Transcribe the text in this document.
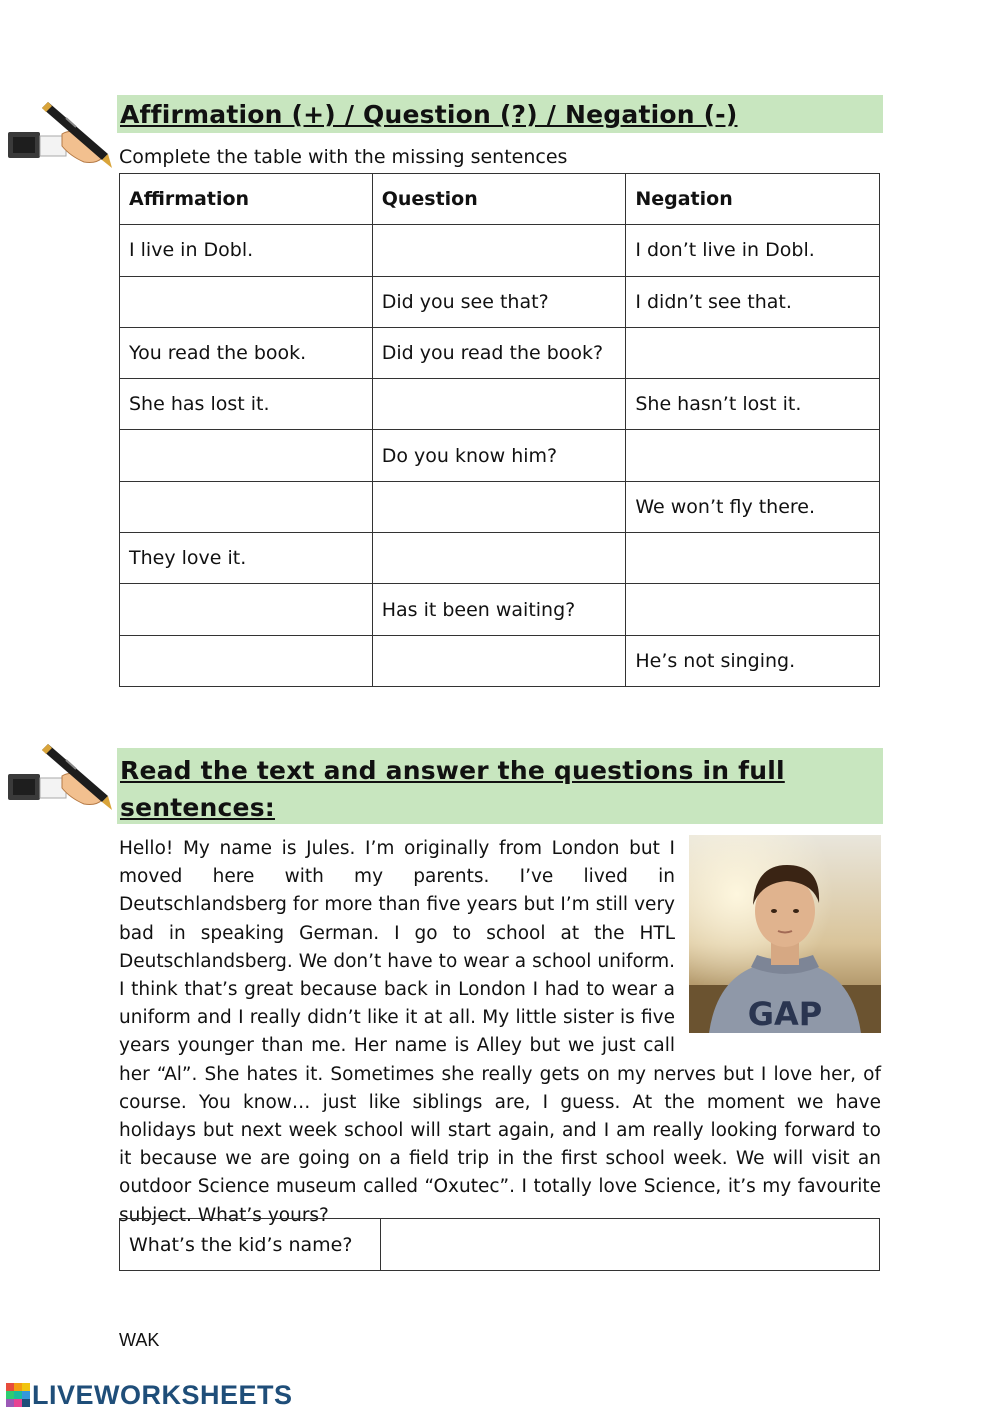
Affirmation (+) / Question (?) / Negation (-)
Complete the table with the missing sentences
Affirmation	Question	Negation
I live in Dobl.		I don’t live in Dobl.
	Did you see that?	I didn’t see that.
You read the book.	Did you read the book?	
She has lost it.		She hasn’t lost it.
	Do you know him?	
		We won’t fly there.
They love it.		
	Has it been waiting?	
		He’s not singing.
Read the text and answer the questions in full
sentences:
GAP
Hello! My name is Jules. I’m originally from London but I moved here with my parents. I’ve lived in Deutschlandsberg for more than five years but I’m still very bad in speaking German. I go to school at the HTL Deutschlandsberg. We don’t have to wear a school uniform. I think that’s great because back in London I had to wear a uniform and I really didn’t like it at all. My little sister is five years younger than me. Her name is Alley but we just call her “Al”. She hates it. Sometimes she really gets on my nerves but I love her, of course. You know… just like siblings are, I guess. At the moment we have holidays but next week school will start again, and I am really looking forward to it because we are going on a field trip in the first school week. We will visit an outdoor Science museum called “Oxutec”. I totally love Science, it’s my favourite subject. What’s yours?
What’s the kid’s name?	
WAK
LIVEWORKSHEETS
